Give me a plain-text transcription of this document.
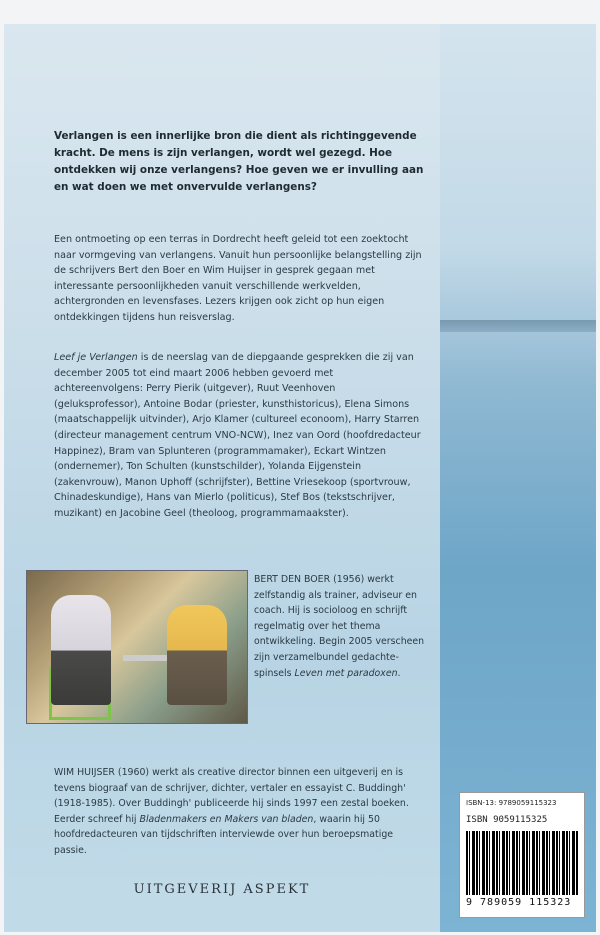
Verlangen is een innerlijke bron die dient als richtinggevende kracht. De mens is zijn verlangen, wordt wel gezegd. Hoe ontdekken wij onze verlangens? Hoe geven we er invulling aan en wat doen we met onvervulde verlangens?
Een ontmoeting op een terras in Dordrecht heeft geleid tot een zoektocht naar vormgeving van verlangens. Vanuit hun persoonlijke belangstelling zijn de schrijvers Bert den Boer en Wim Huijser in gesprek gegaan met interessante persoonlijkheden vanuit verschillende werkvelden, achtergronden en levensfases. Lezers krijgen ook zicht op hun eigen ontdekkingen tijdens hun reisverslag.
Leef je Verlangen is de neerslag van de diepgaande gesprekken die zij van december 2005 tot eind maart 2006 hebben gevoerd met achtereenvolgens: Perry Pierik (uitgever), Ruut Veenhoven (geluksprofessor), Antoine Bodar (priester, kunsthistoricus), Elena Simons (maatschappelijk uitvinder), Arjo Klamer (cultureel econoom), Harry Starren (directeur management centrum VNO-NCW), Inez van Oord (hoofdredacteur Happinez), Bram van Splunteren (programmamaker), Eckart Wintzen (ondernemer), Ton Schulten (kunstschilder), Yolanda Eijgenstein (zakenvrouw), Manon Uphoff (schrijfster), Bettine Vriesekoop (sportvrouw, Chinadeskundige), Hans van Mierlo (politicus), Stef Bos (tekstschrijver, muzikant) en Jacobine Geel (theoloog, programmamaakster).
BERT DEN BOER (1956) werkt zelfstandig als trainer, adviseur en coach. Hij is socioloog en schrijft regelmatig over het thema ontwikkeling. Begin 2005 verscheen zijn verzamelbundel gedachte-spinsels Leven met paradoxen.
WIM HUIJSER (1960) werkt als creative director binnen een uitgeverij en is tevens biograaf van de schrijver, dichter, vertaler en essayist C. Buddingh' (1918-1985). Over Buddingh' publiceerde hij sinds 1997 een zestal boeken. Eerder schreef hij Bladenmakers en Makers van bladen, waarin hij 50 hoofdredacteuren van tijdschriften interviewde over hun beroepsmatige passie.
UITGEVERIJ ASPEKT
ISBN-13: 9789059115323
ISBN 9059115325
9 789059 115323
